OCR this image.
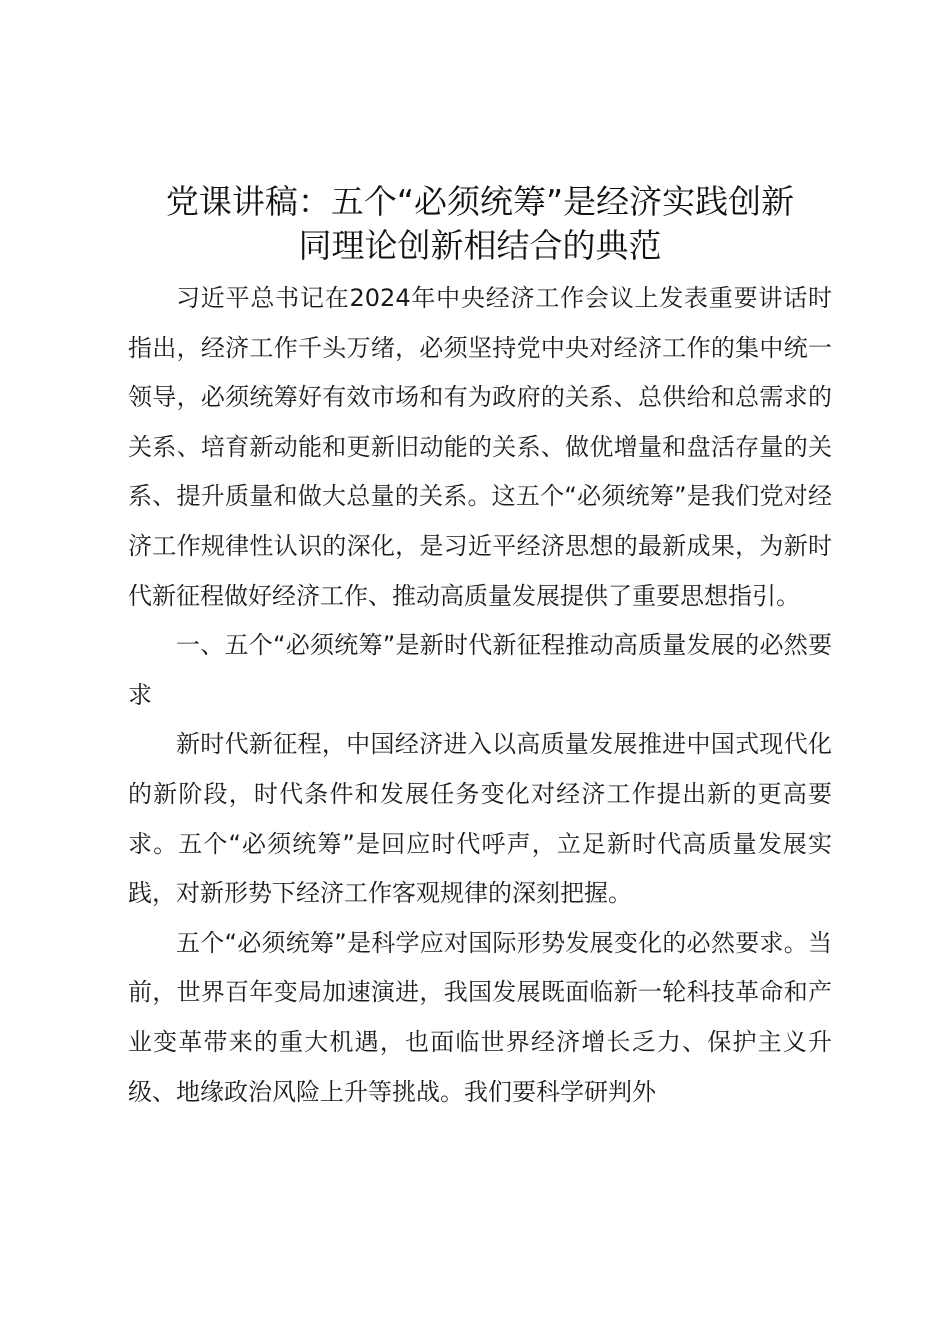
党课讲稿：五个“必须统筹”是经济实践创新
同理论创新相结合的典范

习近平总书记在2024年中央经济工作会议上发表重要讲话时指出，经济工作千头万绪，必须坚持党中央对经济工作的集中统一领导，必须统筹好有效市场和有为政府的关系、总供给和总需求的关系、培育新动能和更新旧动能的关系、做优增量和盘活存量的关系、提升质量和做大总量的关系。这五个“必须统筹”是我们党对经济工作规律性认识的深化，是习近平经济思想的最新成果，为新时代新征程做好经济工作、推动高质量发展提供了重要思想指引。

一、五个“必须统筹”是新时代新征程推动高质量发展的必然要求

新时代新征程，中国经济进入以高质量发展推进中国式现代化的新阶段，时代条件和发展任务变化对经济工作提出新的更高要求。五个“必须统筹”是回应时代呼声，立足新时代高质量发展实践，对新形势下经济工作客观规律的深刻把握。

五个“必须统筹”是科学应对国际形势发展变化的必然要求。当前，世界百年变局加速演进，我国发展既面临新一轮科技革命和产业变革带来的重大机遇，也面临世界经济增长乏力、保护主义升级、地缘政治风险上升等挑战。我们要科学研判外
